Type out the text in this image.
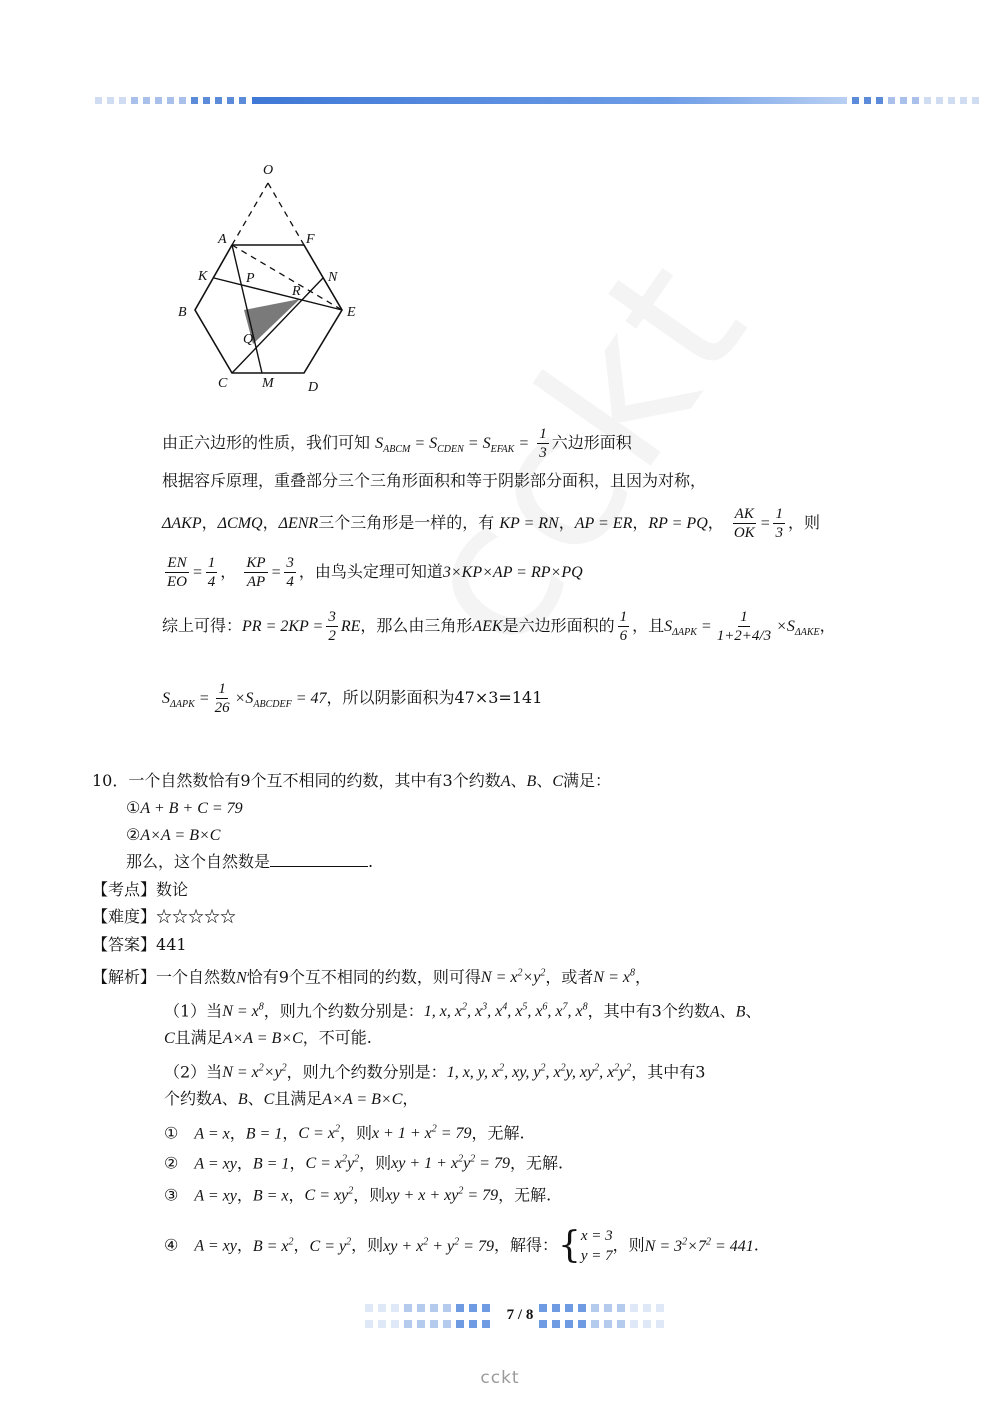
O
A	F
K	P
R
N
B	E
Q
C M D
由正六边形的性质，我们可知 $S_{ABCM} = S_{CDEN} = S_{EFAK} = \frac{1}{3}$ 六边形面积
根据容斥原理，重叠部分三个三角形面积和等于阴影部分面积，且因为对称，
ΔAKP，ΔCMQ，ΔENR三个三角形是一样的，有 KP = RN，AP = ER，RP = PQ， $\frac{AK}{OK} = \frac{1}{3}$ ，则
$\frac{EN}{EO} = \frac{1}{4}$ ， $\frac{KP}{AP} = \frac{3}{4}$ ，由鸟头定理可知道3×KP×AP = RP×PQ
综上可得：PR = $2KP = \frac{3}{2}$ RE，那么由三角形AEK是六边形面积的 $\frac{1}{6}$ ，且$S_{\Delta APK} = \frac{1}{1+2+4/3} \times S_{\Delta AKE}$，
$S_{\Delta APK} = \frac{1}{26} \times S_{ABCDEF} = 47$，所以阴影面积为47×3=141
10．一个自然数恰有9个互不相同的约数，其中有3个约数A、B、C满足：
①A + B + C = 79
②A×A = B×C
那么，这个自然数是	.
【考点】数论
【难度】☆☆☆☆☆
【答案】441
【解析】一个自然数N恰有9个互不相同的约数，则可得$N = x^2\times y^2$，或者$N = x^8$，
（1）当$N = x^8$，则九个约数分别是：1, x, $x^2$, $x^3$, $x^4$, $x^5$, $x^6$, $x^7$, $x^8$，其中有3个约数A、B、
C且满足A×A = B×C，不可能.
（2）当$N = x^2\times y^2$，则九个约数分别是：1, x, y, $x^2$, xy, $y^2$, $x^2y$, $xy^2$, $x^2y^2$，其中有3
个约数A、B、C且满足A×A = B×C，
①　 A = x，B = 1，$C = x^2$，则$x + 1 + x^2 = 79$，无解.
②　 A = xy，B = 1，$C = x^2y^2$，则xy + $1 + x^2y^2 = 79$，无解.
③　 A = xy，B = x，$C = xy^2$，则xy + $x + xy^2 = 79$，无解.
④　 A = xy，$B = x^2$，$C = y^2$，则xy + $x^2 + y^2 = 79$，解得： { x = 3
y = 7
，则$N = 3^2\times 7^2 = 441$.
7 / 8
cckt
